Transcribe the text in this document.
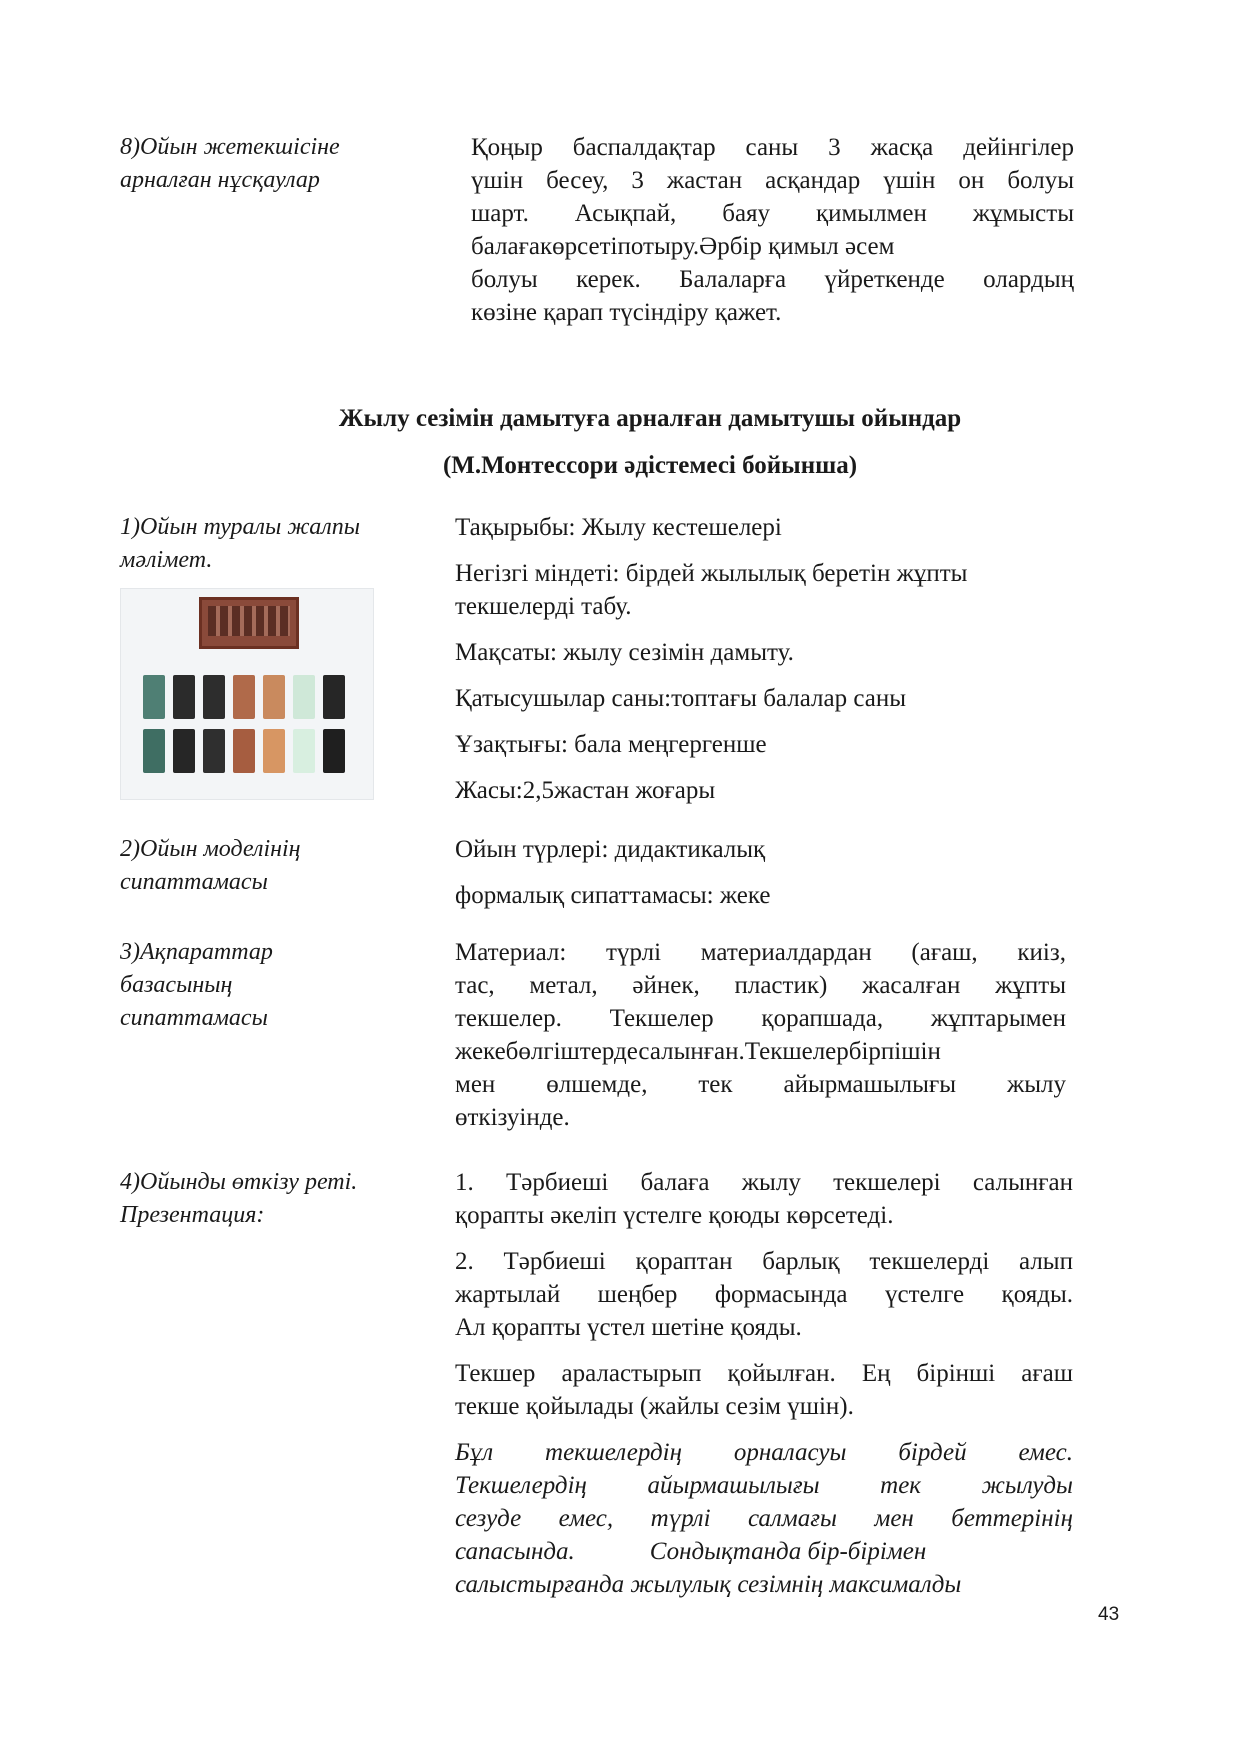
8)Ойын жетекшісіне
арналған нұсқаулар
Қоңыр баспалдақтар саны 3 жасқа дейінгілер
үшін бесеу, 3 жастан асқандар үшін он болуы
шарт. Асықпай, баяу қимылмен жұмысты
балағакөрсетіпотыру.Әрбір қимыл әсем
болуы керек. Балаларға үйреткенде олардың
көзіне қарап түсіндіру қажет.
Жылу сезімін дамытуға арналған дамытушы ойындар
(М.Монтессори әдістемесі бойынша)
1)Ойын туралы жалпы
мәлімет.
Тақырыбы: Жылу кестешелері
Негізгі міндеті: бірдей жылылық беретін жұпты
текшелерді табу.
Мақсаты: жылу сезімін дамыту.
Қатысушылар саны:топтағы балалар саны
Ұзақтығы: бала меңгергенше
Жасы:2,5жастан жоғары
2)Ойын моделінің
сипаттамасы
Ойын түрлері: дидактикалық
формалық сипаттамасы: жеке
3)Ақпараттар
базасының
сипаттамасы
Материал: түрлі материалдардан (ағаш, киіз,
тас, метал, әйнек, пластик) жасалған жұпты
текшелер. Текшелер қорапшада, жұптарымен
жекебөлгіштердесалынған.Текшелербірпішін
мен өлшемде, тек айырмашылығы жылу
өткізуінде.
4)Ойынды өткізу реті.
Презентация:
1. Тәрбиеші балаға жылу текшелері салынған
қорапты әкеліп үстелге қоюды көрсетеді.
2. Тәрбиеші қораптан барлық текшелерді алып
жартылай шеңбер формасында үстелге қояды.
Ал қорапты үстел шетіне қояды.
Текшер араластырып қойылған. Ең бірінші ағаш
текше қойылады (жайлы сезім үшін).
Бұл текшелердің орналасуы бірдей емес.
Текшелердің айырмашылығы тек жылуды
сезуде емес, түрлі салмағы мен беттерінің
сапасында.            Сондықтанда бір-бірімен
салыстырғанда жылулық сезімнің максималды
43
